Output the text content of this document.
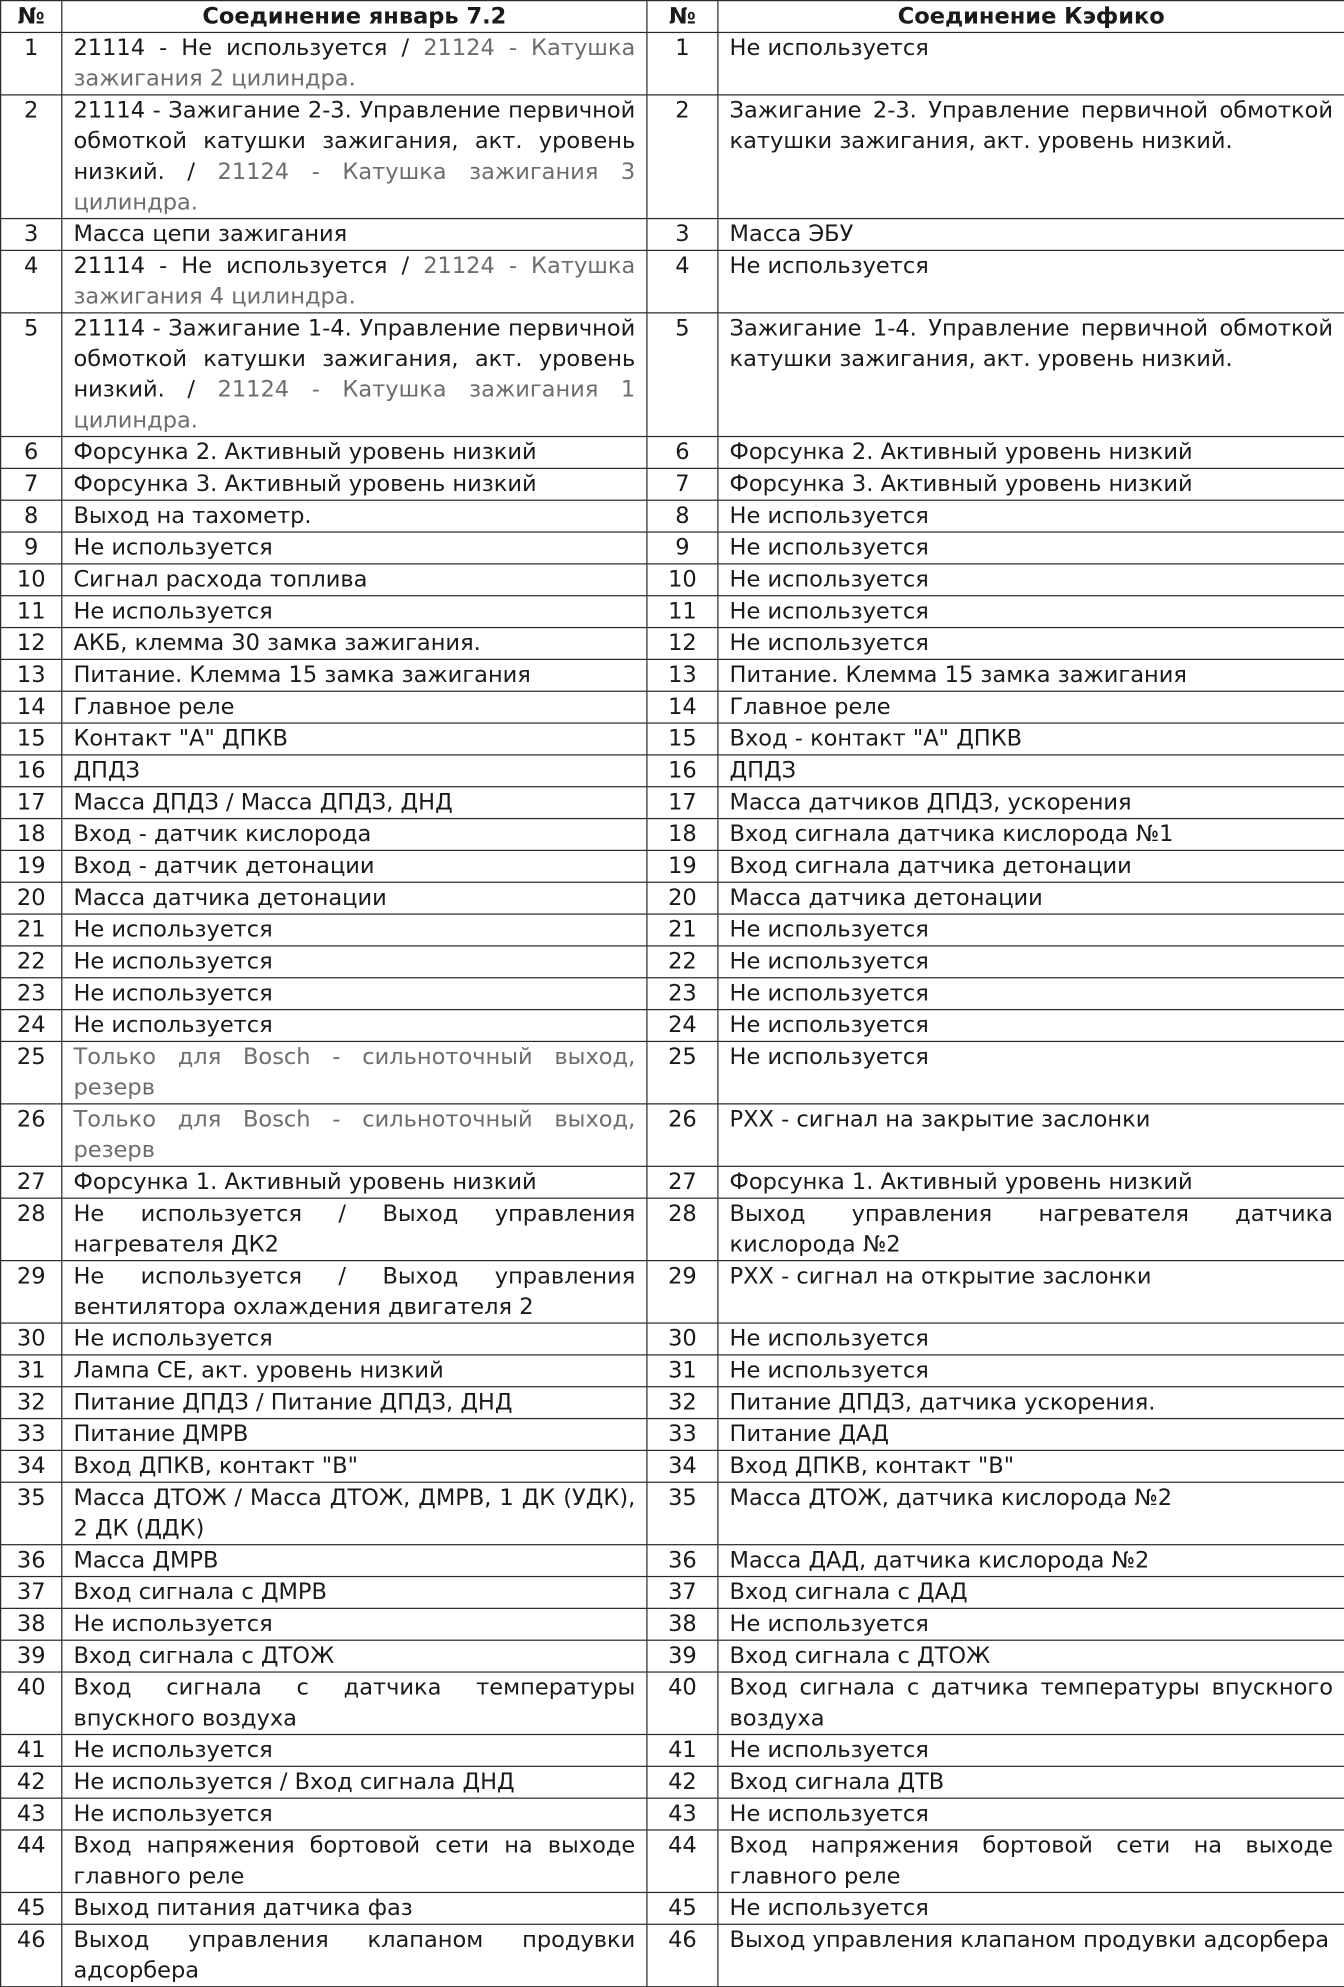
№	Соединение январь 7.2	№	Соединение Кэфико
1	21114 - Не используется / 21124 - Катушка зажигания 2 цилиндра.	1	Не используется
2	21114 - Зажигание 2-3. Управление первичной обмоткой катушки зажигания, акт. уровень низкий. / 21124 - Катушка зажигания 3 цилиндра.	2	Зажигание 2-3. Управление первичной обмоткой катушки зажигания, акт. уровень низкий.
3	Масса цепи зажигания	3	Масса ЭБУ
4	21114 - Не используется / 21124 - Катушка зажигания 4 цилиндра.	4	Не используется
5	21114 - Зажигание 1-4. Управление первичной обмоткой катушки зажигания, акт. уровень низкий. / 21124 - Катушка зажигания 1 цилиндра.	5	Зажигание 1-4. Управление первичной обмоткой катушки зажигания, акт. уровень низкий.
6	Форсунка 2. Активный уровень низкий	6	Форсунка 2. Активный уровень низкий
7	Форсунка 3. Активный уровень низкий	7	Форсунка 3. Активный уровень низкий
8	Выход на тахометр.	8	Не используется
9	Не используется	9	Не используется
10	Сигнал расхода топлива	10	Не используется
11	Не используется	11	Не используется
12	АКБ, клемма 30 замка зажигания.	12	Не используется
13	Питание. Клемма 15 замка зажигания	13	Питание. Клемма 15 замка зажигания
14	Главное реле	14	Главное реле
15	Контакт "А" ДПКВ	15	Вход - контакт "А" ДПКВ
16	ДПДЗ	16	ДПДЗ
17	Масса ДПДЗ / Масса ДПДЗ, ДНД	17	Масса датчиков ДПДЗ, ускорения
18	Вход - датчик кислорода	18	Вход сигнала датчика кислорода №1
19	Вход - датчик детонации	19	Вход сигнала датчика детонации
20	Масса датчика детонации	20	Масса датчика детонации
21	Не используется	21	Не используется
22	Не используется	22	Не используется
23	Не используется	23	Не используется
24	Не используется	24	Не используется
25	Только для Bosch - сильноточный выход, резерв	25	Не используется
26	Только для Bosch - сильноточный выход, резерв	26	РХХ - сигнал на закрытие заслонки
27	Форсунка 1. Активный уровень низкий	27	Форсунка 1. Активный уровень низкий
28	Не используется / Выход управления нагревателя ДК2	28	Выход управления нагревателя датчика кислорода №2
29	Не используется / Выход управления вентилятора охлаждения двигателя 2	29	РХХ - сигнал на открытие заслонки
30	Не используется	30	Не используется
31	Лампа CE, акт. уровень низкий	31	Не используется
32	Питание ДПДЗ / Питание ДПДЗ, ДНД	32	Питание ДПДЗ, датчика ускорения.
33	Питание ДМРВ	33	Питание ДАД
34	Вход ДПКВ, контакт "В"	34	Вход ДПКВ, контакт "В"
35	Масса ДТОЖ / Масса ДТОЖ, ДМРВ, 1 ДК (УДК), 2 ДК (ДДК)	35	Масса ДТОЖ, датчика кислорода №2
36	Масса ДМРВ	36	Масса ДАД, датчика кислорода №2
37	Вход сигнала с ДМРВ	37	Вход сигнала с ДАД
38	Не используется	38	Не используется
39	Вход сигнала с ДТОЖ	39	Вход сигнала с ДТОЖ
40	Вход сигнала с датчика температуры впускного воздуха	40	Вход сигнала с датчика температуры впускного воздуха
41	Не используется	41	Не используется
42	Не используется / Вход сигнала ДНД	42	Вход сигнала ДТВ
43	Не используется	43	Не используется
44	Вход напряжения бортовой сети на выходе главного реле	44	Вход напряжения бортовой сети на выходе главного реле
45	Выход питания датчика фаз	45	Не используется
46	Выход управления клапаном продувки адсорбера	46	Выход управления клапаном продувки адсорбера
